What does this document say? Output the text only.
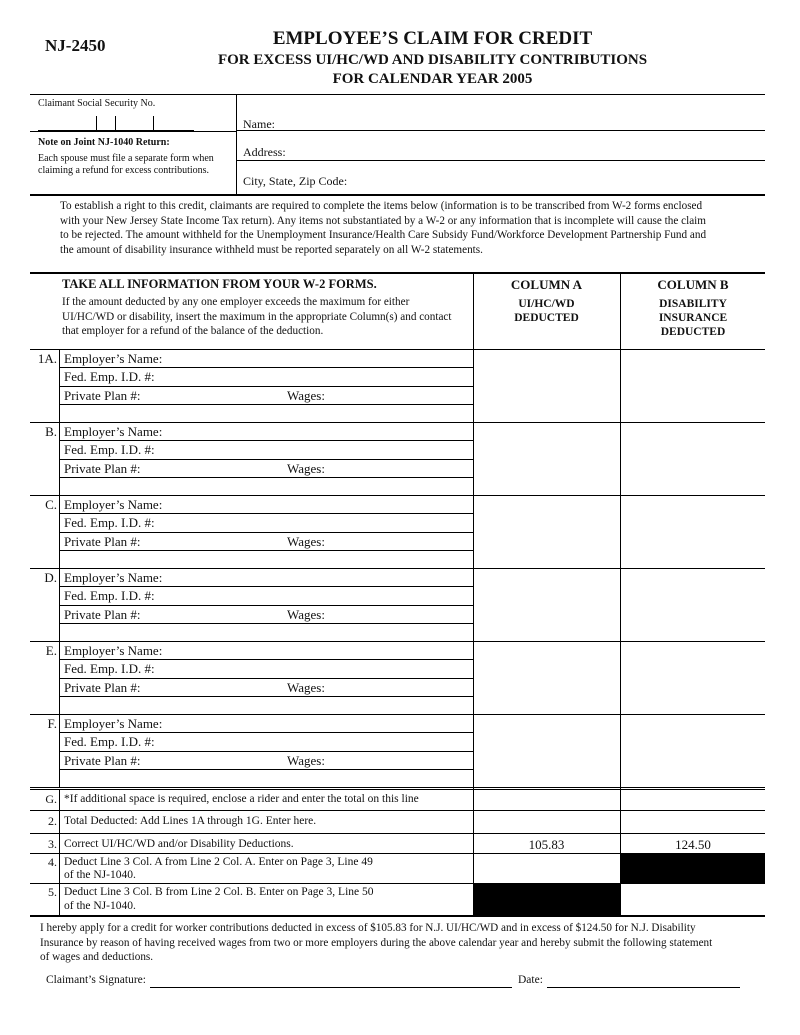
NJ-2450	EMPLOYEE’S CLAIM FOR CREDIT
FOR EXCESS UI/HC/WD AND DISABILITY CONTRIBUTIONS
FOR CALENDAR YEAR 2005
Claimant Social Security No.
Note on Joint NJ-1040 Return:
Each spouse must file a separate form when
claiming a refund for excess contributions.
Name:
Address:
City, State, Zip Code:
To establish a right to this credit, claimants are required to complete the items below (information is to be transcribed from W-2 forms enclosed
with your New Jersey State Income Tax return). Any items not substantiated by a W-2 or any information that is incomplete will cause the claim
to be rejected. The amount withheld for the Unemployment Insurance/Health Care Subsidy Fund/Workforce Development Partnership Fund and
the amount of disability insurance withheld must be reported separately on all W-2 statements.
TAKE ALL INFORMATION FROM YOUR W-2 FORMS.
If the amount deducted by any one employer exceeds the maximum for either
UI/HC/WD or disability, insert the maximum in the appropriate Column(s) and contact
that employer for a refund of the balance of the deduction.
COLUMN A
UI/HC/WD
DEDUCTED
COLUMN B
DISABILITY
INSURANCE
DEDUCTED
1A. Employer’s Name:
Fed. Emp. I.D. #:
Private Plan #:	Wages:
B. Employer’s Name:
Fed. Emp. I.D. #:
Private Plan #:	Wages:
C. Employer’s Name:
Fed. Emp. I.D. #:
Private Plan #:	Wages:
D. Employer’s Name:
Fed. Emp. I.D. #:
Private Plan #:	Wages:
E. Employer’s Name:
Fed. Emp. I.D. #:
Private Plan #:	Wages:
F. Employer’s Name:
Fed. Emp. I.D. #:
Private Plan #:	Wages:
G. *If additional space is required, enclose a rider and enter the total on this line
2. Total Deducted: Add Lines 1A through 1G. Enter here.
3. Correct UI/HC/WD and/or Disability Deductions.	105.83	124.50
4. Deduct Line 3 Col. A from Line 2 Col. A. Enter on Page 3, Line 49
of the NJ-1040.
5. Deduct Line 3 Col. B from Line 2 Col. B. Enter on Page 3, Line 50
of the NJ-1040.
I hereby apply for a credit for worker contributions deducted in excess of $105.83 for N.J. UI/HC/WD and in excess of $124.50 for N.J. Disability
Insurance by reason of having received wages from two or more employers during the above calendar year and hereby submit the following statement
of wages and deductions.
Claimant’s Signature:	Date:
